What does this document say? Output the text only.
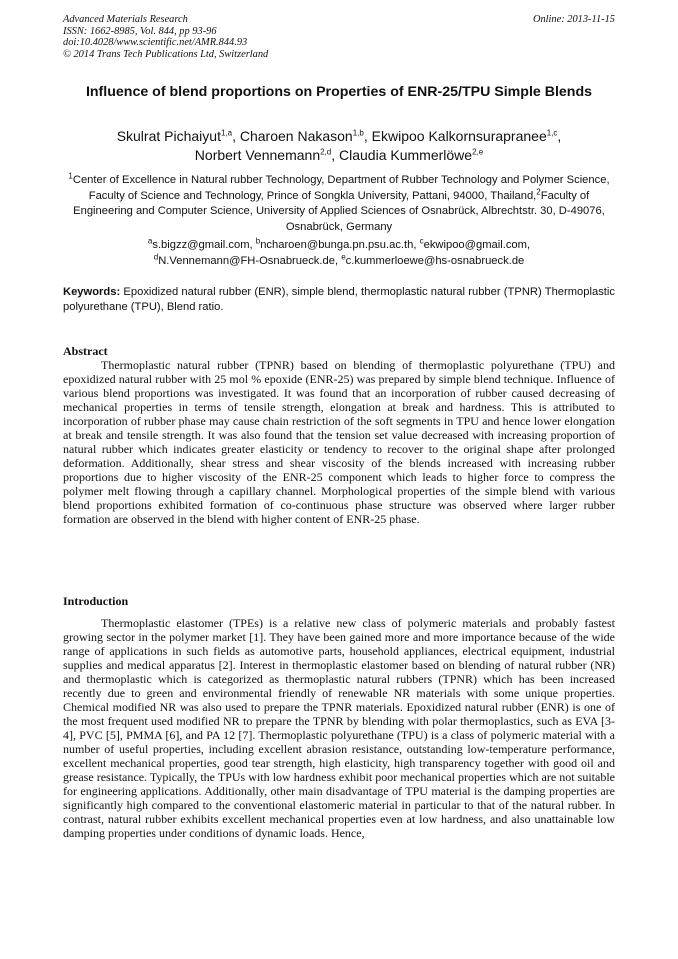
Advanced Materials Research
ISSN: 1662-8985, Vol. 844, pp 93-96
doi:10.4028/www.scientific.net/AMR.844.93
© 2014 Trans Tech Publications Ltd, Switzerland
Online: 2013-11-15
Influence of blend proportions on Properties of ENR-25/TPU Simple Blends
Skulrat Pichaiyut$^{1,a}$, Charoen Nakason$^{1,b}$, Ekwipoo Kalkornsurapranee$^{1,c}$,
Norbert Vennemann$^{2,d}$, Claudia Kummerlöwe$^{2,e}$
$^1$Center of Excellence in Natural rubber Technology, Department of Rubber Technology and Polymer Science, Faculty of Science and Technology, Prince of Songkla University, Pattani, 94000, Thailand,$^2$Faculty of Engineering and Computer Science, University of Applied Sciences of Osnabrück, Albrechtstr. 30, D-49076, Osnabrück, Germany
$^a$s.bigzz@gmail.com, $^b$ncharoen@bunga.pn.psu.ac.th, $^c$ekwipoo@gmail.com,
$^d$N.Vennemann@FH-Osnabrueck.de, $^e$c.kummerloewe@hs-osnabrueck.de
Keywords: Epoxidized natural rubber (ENR), simple blend, thermoplastic natural rubber (TPNR) Thermoplastic polyurethane (TPU), Blend ratio.
Abstract
Thermoplastic natural rubber (TPNR) based on blending of thermoplastic polyurethane (TPU) and epoxidized natural rubber with 25 mol % epoxide (ENR-25) was prepared by simple blend technique. Influence of various blend proportions was investigated. It was found that an incorporation of rubber caused decreasing of mechanical properties in terms of tensile strength, elongation at break and hardness. This is attributed to incorporation of rubber phase may cause chain restriction of the soft segments in TPU and hence lower elongation at break and tensile strength. It was also found that the tension set value decreased with increasing proportion of natural rubber which indicates greater elasticity or tendency to recover to the original shape after prolonged deformation. Additionally, shear stress and shear viscosity of the blends increased with increasing rubber proportions due to higher viscosity of the ENR-25 component which leads to higher force to compress the polymer melt flowing through a capillary channel. Morphological properties of the simple blend with various blend proportions exhibited formation of co-continuous phase structure was observed where larger rubber formation are observed in the blend with higher content of ENR-25 phase.
Introduction
Thermoplastic elastomer (TPEs) is a relative new class of polymeric materials and probably fastest growing sector in the polymer market [1]. They have been gained more and more importance because of the wide range of applications in such fields as automotive parts, household appliances, electrical equipment, industrial supplies and medical apparatus [2]. Interest in thermoplastic elastomer based on blending of natural rubber (NR) and thermoplastic which is categorized as thermoplastic natural rubbers (TPNR) which has been increased recently due to green and environmental friendly of renewable NR materials with some unique properties. Chemical modified NR was also used to prepare the TPNR materials. Epoxidized natural rubber (ENR) is one of the most frequent used modified NR to prepare the TPNR by blending with polar thermoplastics, such as EVA [3-4], PVC [5], PMMA [6], and PA 12 [7]. Thermoplastic polyurethane (TPU) is a class of polymeric material with a number of useful properties, including excellent abrasion resistance, outstanding low-temperature performance, excellent mechanical properties, good tear strength, high elasticity, high transparency together with good oil and grease resistance. Typically, the TPUs with low hardness exhibit poor mechanical properties which are not suitable for engineering applications. Additionally, other main disadvantage of TPU material is the damping properties are significantly high compared to the conventional elastomeric material in particular to that of the natural rubber. In contrast, natural rubber exhibits excellent mechanical properties even at low hardness, and also unattainable low damping properties under conditions of dynamic loads. Hence,
